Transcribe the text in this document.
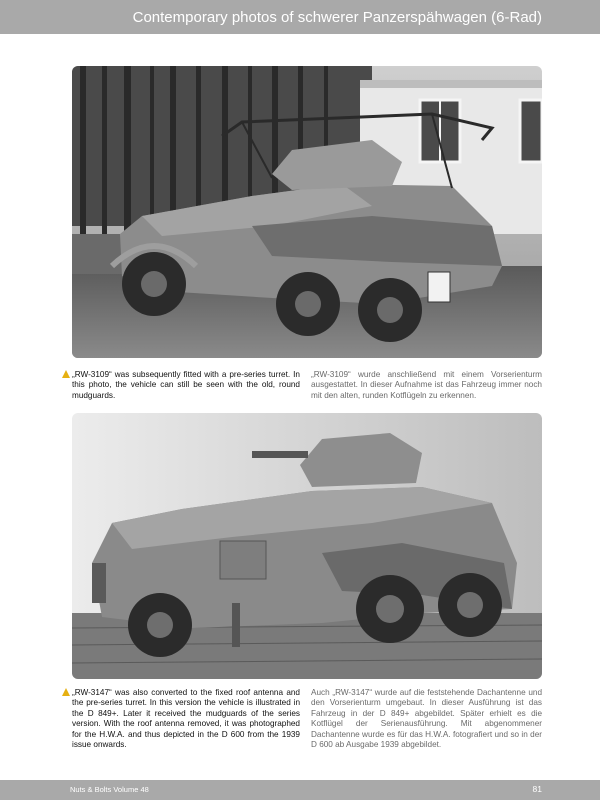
Contemporary photos of schwerer Panzerspähwagen (6-Rad)
„RW-3109“ was subsequently fitted with a pre-series turret. In this photo, the vehicle can still be seen with the old, round mudguards.
„RW-3109“ wurde anschließend mit einem Vorserienturm ausgestattet. In dieser Aufnahme ist das Fahrzeug immer noch mit den alten, runden Kotflügeln zu erkennen.
„RW-3147“ was also converted to the fixed roof antenna and the pre-series turret. In this version the vehicle is illustrated in the D 849+. Later it received the mudguards of the series version. With the roof antenna removed, it was photographed for the H.W.A. and thus depicted in the D 600 from the 1939 issue onwards.
Auch „RW-3147“ wurde auf die feststehende Dachantenne und den Vorserienturm umgebaut. In dieser Ausführung ist das Fahrzeug in der D 849+ abgebildet. Später erhielt es die Kotflügel der Serienausführung. Mit abgenommener Dachantenne wurde es für das H.W.A. fotografiert und so in der D 600 ab Ausgabe 1939 abgebildet.
Nuts & Bolts Volume 48	81
